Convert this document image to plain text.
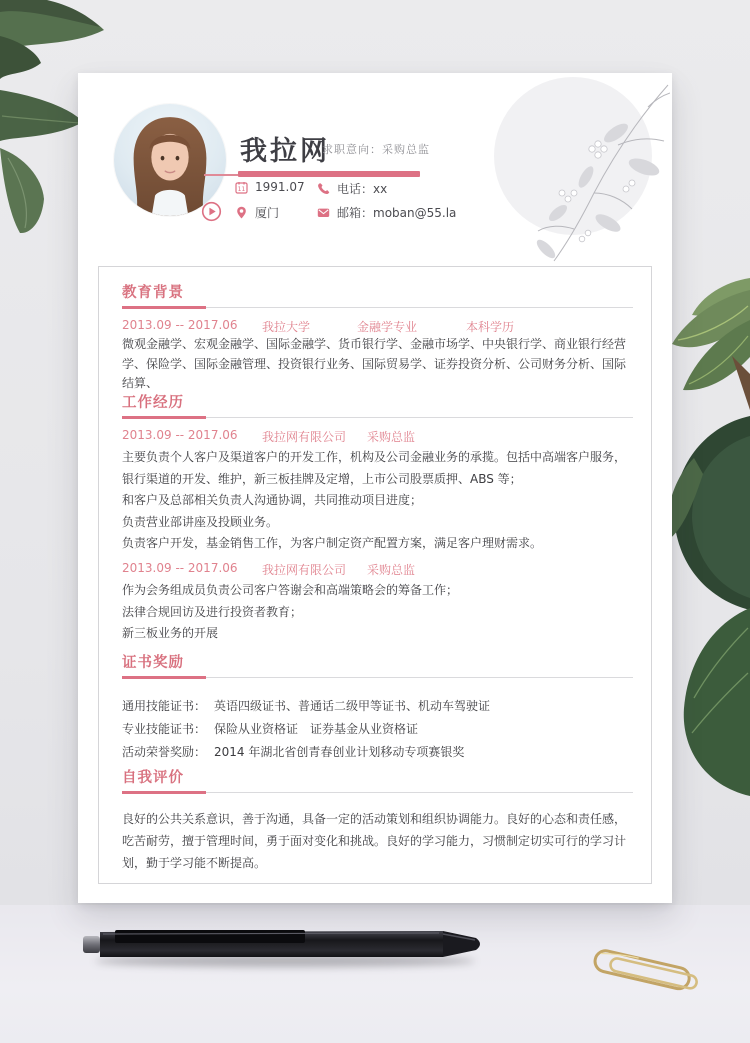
我拉网
求职意向：采购总监
11 1991.07	电话：xx
厦门	邮箱：moban@55.la
教育背景
2013.09 -- 2017.06 我拉大学	金融学专业	本科学历

微观金融学、宏观金融学、国际金融学、货币银行学、金融市场学、中央银行学、商业银行经营学、保险学、国际金融管理、投资银行业务、国际贸易学、证券投资分析、公司财务分析、国际结算、

工作经历
2013.09 -- 2017.06 我拉网有限公司 采购总监

主要负责个人客户及渠道客户的开发工作，机构及公司金融业务的承揽。包括中高端客户服务，银行渠道的开发、维护，新三板挂牌及定增，上市公司股票质押、ABS 等；

和客户及总部相关负责人沟通协调，共同推动项目进度；

负责营业部讲座及投顾业务。

负责客户开发，基金销售工作，为客户制定资产配置方案，满足客户理财需求。

2013.09 -- 2017.06 我拉网有限公司 采购总监

作为会务组成员负责公司客户答谢会和高端策略会的筹备工作；

法律合规回访及进行投资者教育；

新三板业务的开展

证书奖励
通用技能证书： 英语四级证书、普通话二级甲等证书、机动车驾驶证
专业技能证书： 保险从业资格证　证券基金从业资格证
活动荣誉奖励： 2014 年湖北省创青春创业计划移动专项赛银奖
自我评价

良好的公共关系意识，善于沟通，具备一定的活动策划和组织协调能力。良好的心态和责任感，吃苦耐劳，擅于管理时间，勇于面对变化和挑战。良好的学习能力，习惯制定切实可行的学习计划，勤于学习能不断提高。
